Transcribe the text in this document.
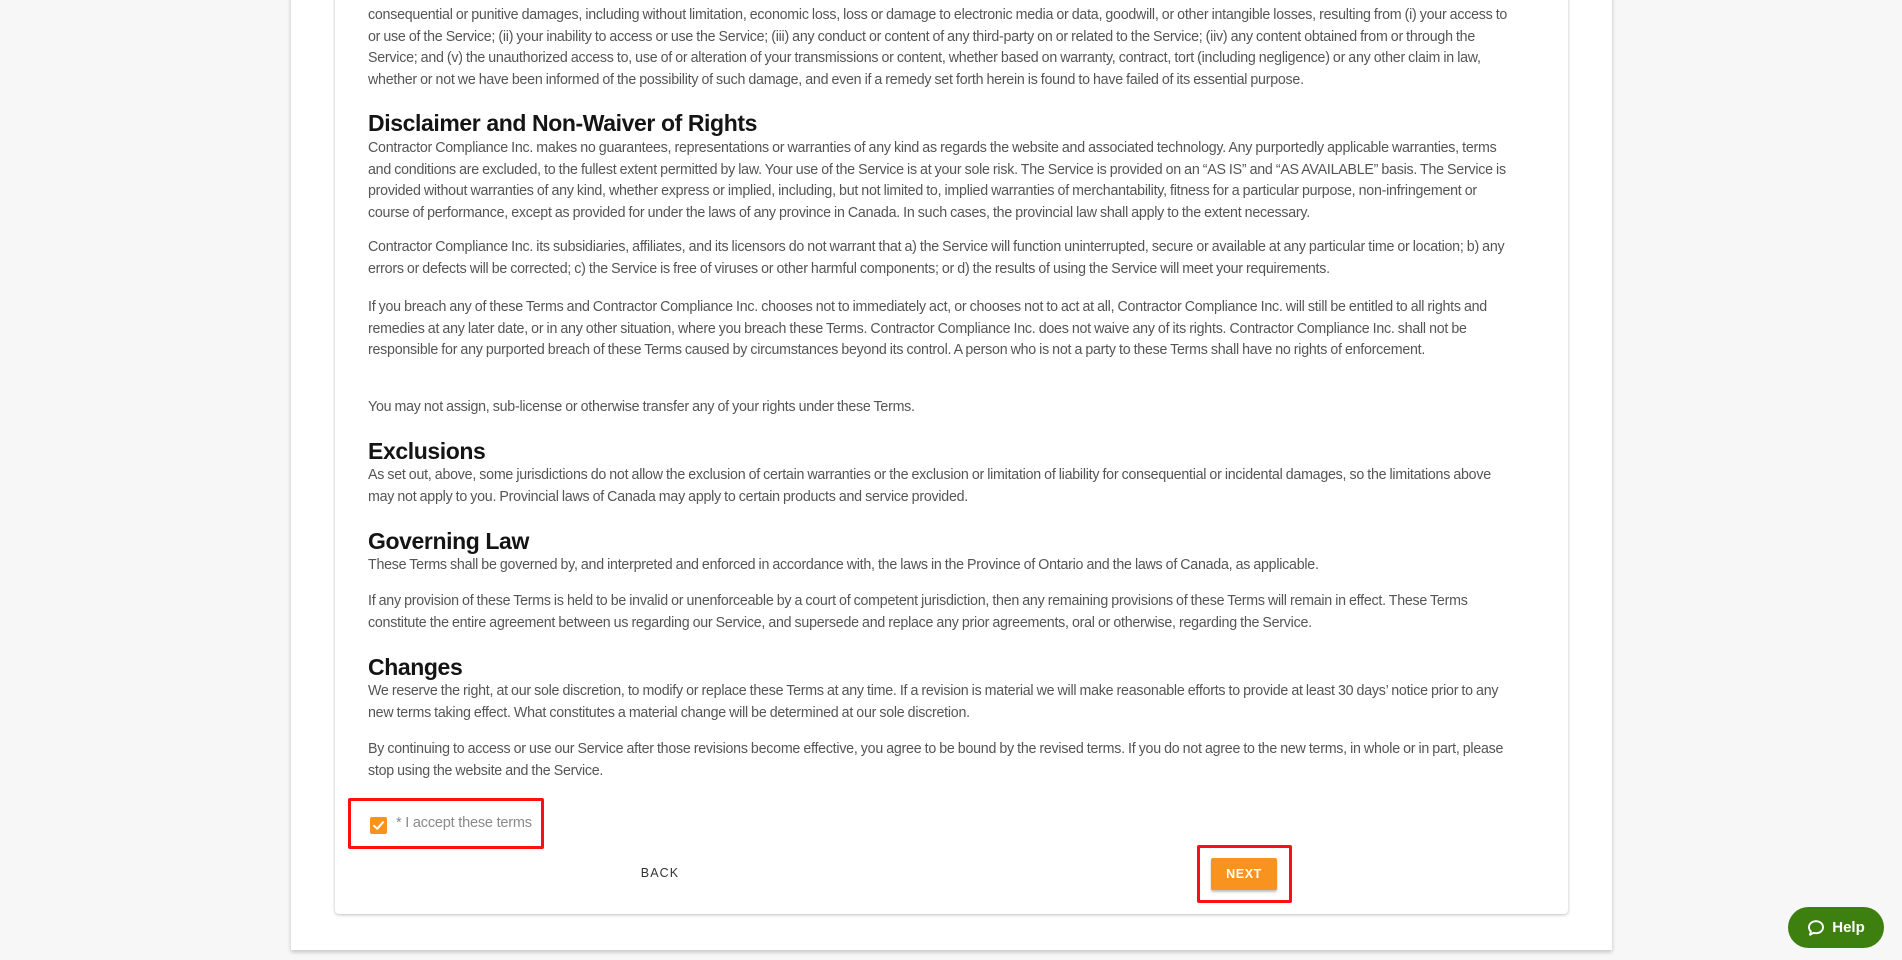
consequential or punitive damages, including without limitation, economic loss, loss or damage to electronic media or data, goodwill, or other intangible losses, resulting from (i) your access to or use of the Service; (ii) your inability to access or use the Service; (iii) any conduct or content of any third-party on or related to the Service; (iiv) any content obtained from or through the Service; and (v) the unauthorized access to, use of or alteration of your transmissions or content, whether based on warranty, contract, tort (including negligence) or any other claim in law, whether or not we have been informed of the possibility of such damage, and even if a remedy set forth herein is found to have failed of its essential purpose.

Disclaimer and Non-Waiver of Rights

Contractor Compliance Inc. makes no guarantees, representations or warranties of any kind as regards the website and associated technology. Any purportedly applicable warranties, terms and conditions are excluded, to the fullest extent permitted by law. Your use of the Service is at your sole risk. The Service is provided on an “AS IS” and “AS AVAILABLE” basis. The Service is provided without warranties of any kind, whether express or implied, including, but not limited to, implied warranties of merchantability, fitness for a particular purpose, non-infringement or course of performance, except as provided for under the laws of any province in Canada. In such cases, the provincial law shall apply to the extent necessary.

Contractor Compliance Inc. its subsidiaries, affiliates, and its licensors do not warrant that a) the Service will function uninterrupted, secure or available at any particular time or location; b) any errors or defects will be corrected; c) the Service is free of viruses or other harmful components; or d) the results of using the Service will meet your requirements.

If you breach any of these Terms and Contractor Compliance Inc. chooses not to immediately act, or chooses not to act at all, Contractor Compliance Inc. will still be entitled to all rights and remedies at any later date, or in any other situation, where you breach these Terms. Contractor Compliance Inc. does not waive any of its rights. Contractor Compliance Inc. shall not be responsible for any purported breach of these Terms caused by circumstances beyond its control. A person who is not a party to these Terms shall have no rights of enforcement.

You may not assign, sub-license or otherwise transfer any of your rights under these Terms.

Exclusions

As set out, above, some jurisdictions do not allow the exclusion of certain warranties or the exclusion or limitation of liability for consequential or incidental damages, so the limitations above may not apply to you. Provincial laws of Canada may apply to certain products and service provided.

Governing Law

These Terms shall be governed by, and interpreted and enforced in accordance with, the laws in the Province of Ontario and the laws of Canada, as applicable.

If any provision of these Terms is held to be invalid or unenforceable by a court of competent jurisdiction, then any remaining provisions of these Terms will remain in effect. These Terms constitute the entire agreement between us regarding our Service, and supersede and replace any prior agreements, oral or otherwise, regarding the Service.

Changes

We reserve the right, at our sole discretion, to modify or replace these Terms at any time. If a revision is material we will make reasonable efforts to provide at least 30 days’ notice prior to any new terms taking effect. What constitutes a material change will be determined at our sole discretion.

By continuing to access or use our Service after those revisions become effective, you agree to be bound by the revised terms. If you do not agree to the new terms, in whole or in part, please stop using the website and the Service.

* I accept these terms
BACK	NEXT
Help
